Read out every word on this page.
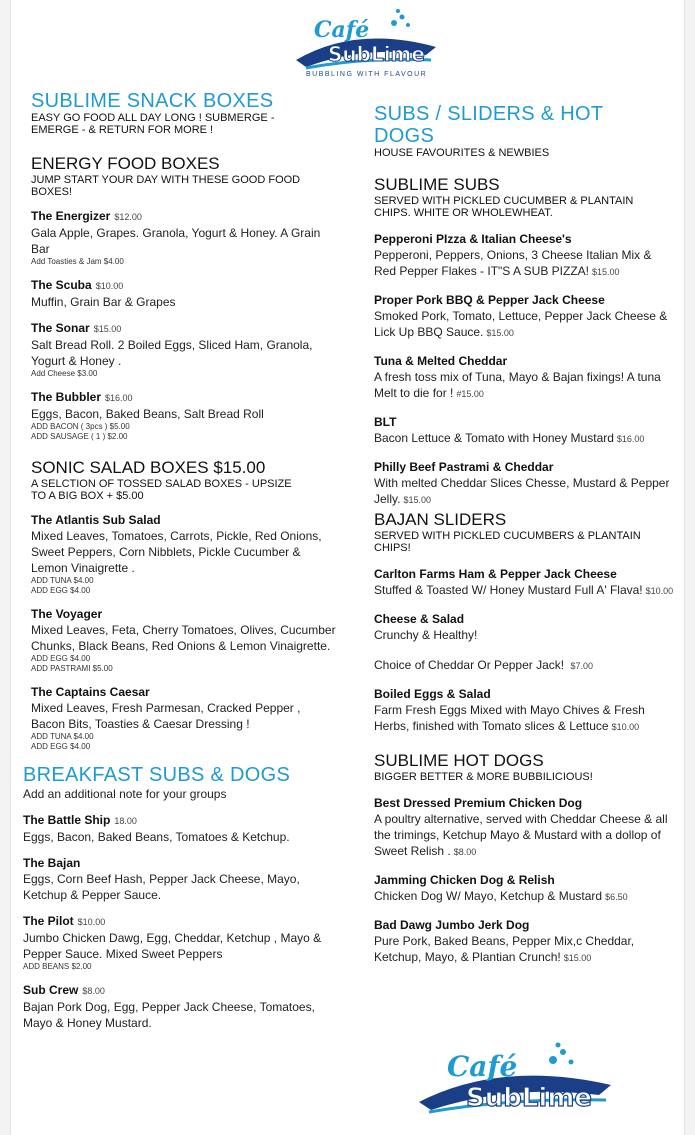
Café
SubLime
BUBBLING WITH FLAVOUR
SUBLIME SNACK BOXES
EASY GO FOOD ALL DAY LONG ! SUBMERGE - EMERGE - & RETURN FOR MORE !
ENERGY FOOD BOXES
JUMP START YOUR DAY WITH THESE GOOD FOOD BOXES!
The Energizer $12.00
Gala Apple, Grapes. Granola, Yogurt & Honey. A Grain Bar
Add Toasties & Jam $4.00
The Scuba $10.00
Muffin, Grain Bar & Grapes
The Sonar $15.00
Salt Bread Roll. 2 Boiled Eggs, Sliced Ham, Granola, Yogurt & Honey .
Add Cheese $3.00
The Bubbler $16.00
Eggs, Bacon, Baked Beans, Salt Bread Roll
ADD BACON ( 3pcs ) $5.00
ADD SAUSAGE ( 1 ) $2.00
SONIC SALAD BOXES $15.00
A SELCTION OF TOSSED SALAD BOXES - UPSIZE TO A BIG BOX + $5.00
The Atlantis Sub Salad
Mixed Leaves, Tomatoes, Carrots, Pickle, Red Onions, Sweet Peppers, Corn Nibblets, Pickle Cucumber & Lemon Vinaigrette .
ADD TUNA $4.00
ADD EGG $4.00
The Voyager
Mixed Leaves, Feta, Cherry Tomatoes, Olives, Cucumber Chunks, Black Beans, Red Onions & Lemon Vinaigrette.
ADD EGG $4.00
ADD PASTRAMI $5.00
The Captains Caesar
Mixed Leaves, Fresh Parmesan, Cracked Pepper , Bacon Bits, Toasties & Caesar Dressing !
ADD TUNA $4.00
ADD EGG $4.00
BREAKFAST SUBS & DOGS
Add an additional note for your groups
The Battle Ship 18.00
Eggs, Bacon, Baked Beans, Tomatoes & Ketchup.
The Bajan
Eggs, Corn Beef Hash, Pepper Jack Cheese, Mayo, Ketchup & Pepper Sauce.
The Pilot $10.00
Jumbo Chicken Dawg, Egg, Cheddar, Ketchup , Mayo & Pepper Sauce. Mixed Sweet Peppers
ADD BEANS $2.00
Sub Crew $8.00
Bajan Pork Dog, Egg, Pepper Jack Cheese, Tomatoes, Mayo & Honey Mustard.
SUBS / SLIDERS & HOT DOGS
HOUSE FAVOURITES & NEWBIES
SUBLIME SUBS
SERVED WITH PICKLED CUCUMBER & PLANTAIN CHIPS. WHITE OR WHOLEWHEAT.
Pepperoni PIzza & Italian Cheese's
Pepperoni, Peppers, Onions, 3 Cheese Italian Mix & Red Pepper Flakes - IT"S A SUB PIZZA! $15.00
Proper Pork BBQ & Pepper Jack Cheese
Smoked Pork, Tomato, Lettuce, Pepper Jack Cheese & Lick Up BBQ Sauce. $15.00
Tuna & Melted Cheddar
A fresh toss mix of Tuna, Mayo & Bajan fixings! A tuna Melt to die for ! #15.00
BLT
Bacon Lettuce & Tomato with Honey Mustard $16.00
Philly Beef Pastrami & Cheddar
With melted Cheddar Slices Chesse, Mustard & Pepper Jelly. $15.00
BAJAN SLIDERS
SERVED WITH PICKLED CUCUMBERS & PLANTAIN CHIPS!
Carlton Farms Ham & Pepper Jack Cheese
Stuffed & Toasted W/ Honey Mustard Full A' Flava! $10.00
Cheese & Salad
Crunchy & Healthy!
Choice of Cheddar Or Pepper Jack! $7.00
Boiled Eggs & Salad
Farm Fresh Eggs Mixed with Mayo Chives & Fresh Herbs, finished with Tomato slices & Lettuce $10.00
SUBLIME HOT DOGS
BIGGER BETTER & MORE BUBBILICIOUS!
Best Dressed Premium Chicken Dog
A poultry alternative, served with Cheddar Cheese & all the trimings, Ketchup Mayo & Mustard with a dollop of Sweet Relish . $8.00
Jamming Chicken Dog & Relish
Chicken Dog W/ Mayo, Ketchup & Mustard $6.50
Bad Dawg Jumbo Jerk Dog
Pure Pork, Baked Beans, Pepper Mix,c Cheddar, Ketchup, Mayo, & Plantian Crunch! $15.00
Café
SubLime
